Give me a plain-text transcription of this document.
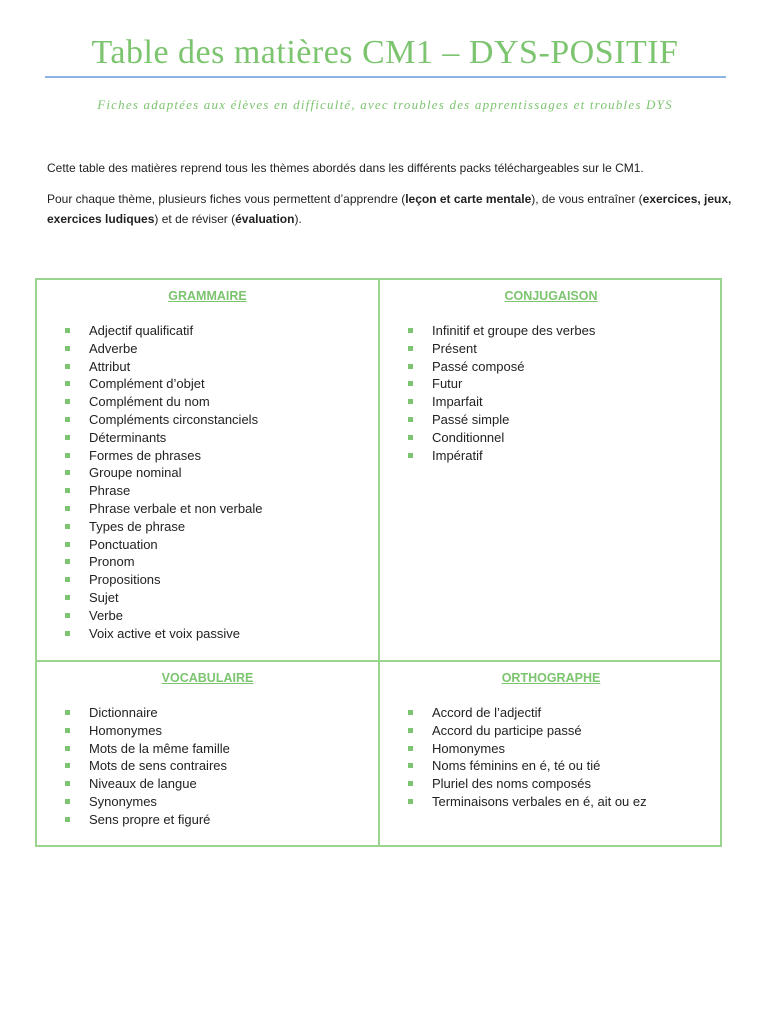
Table des matières CM1 – DYS-POSITIF
Fiches adaptées aux élèves en difficulté, avec troubles des apprentissages et troubles DYS
Cette table des matières reprend tous les thèmes abordés dans les différents packs téléchargeables sur le CM1.
Pour chaque thème, plusieurs fiches vous permettent d’apprendre (leçon et carte mentale), de vous entraîner (exercices, jeux, exercices ludiques) et de réviser (évaluation).
GRAMMAIRE
Adjectif qualificatif
Adverbe
Attribut
Complément d’objet
Complément du nom
Compléments circonstanciels
Déterminants
Formes de phrases
Groupe nominal
Phrase
Phrase verbale et non verbale
Types de phrase
Ponctuation
Pronom
Propositions
Sujet
Verbe
Voix active et voix passive
CONJUGAISON
Infinitif et groupe des verbes
Présent
Passé composé
Futur
Imparfait
Passé simple
Conditionnel
Impératif
VOCABULAIRE
Dictionnaire
Homonymes
Mots de la même famille
Mots de sens contraires
Niveaux de langue
Synonymes
Sens propre et figuré
ORTHOGRAPHE
Accord de l’adjectif
Accord du participe passé
Homonymes
Noms féminins en é, té ou tié
Pluriel des noms composés
Terminaisons verbales en é, ait ou ez
